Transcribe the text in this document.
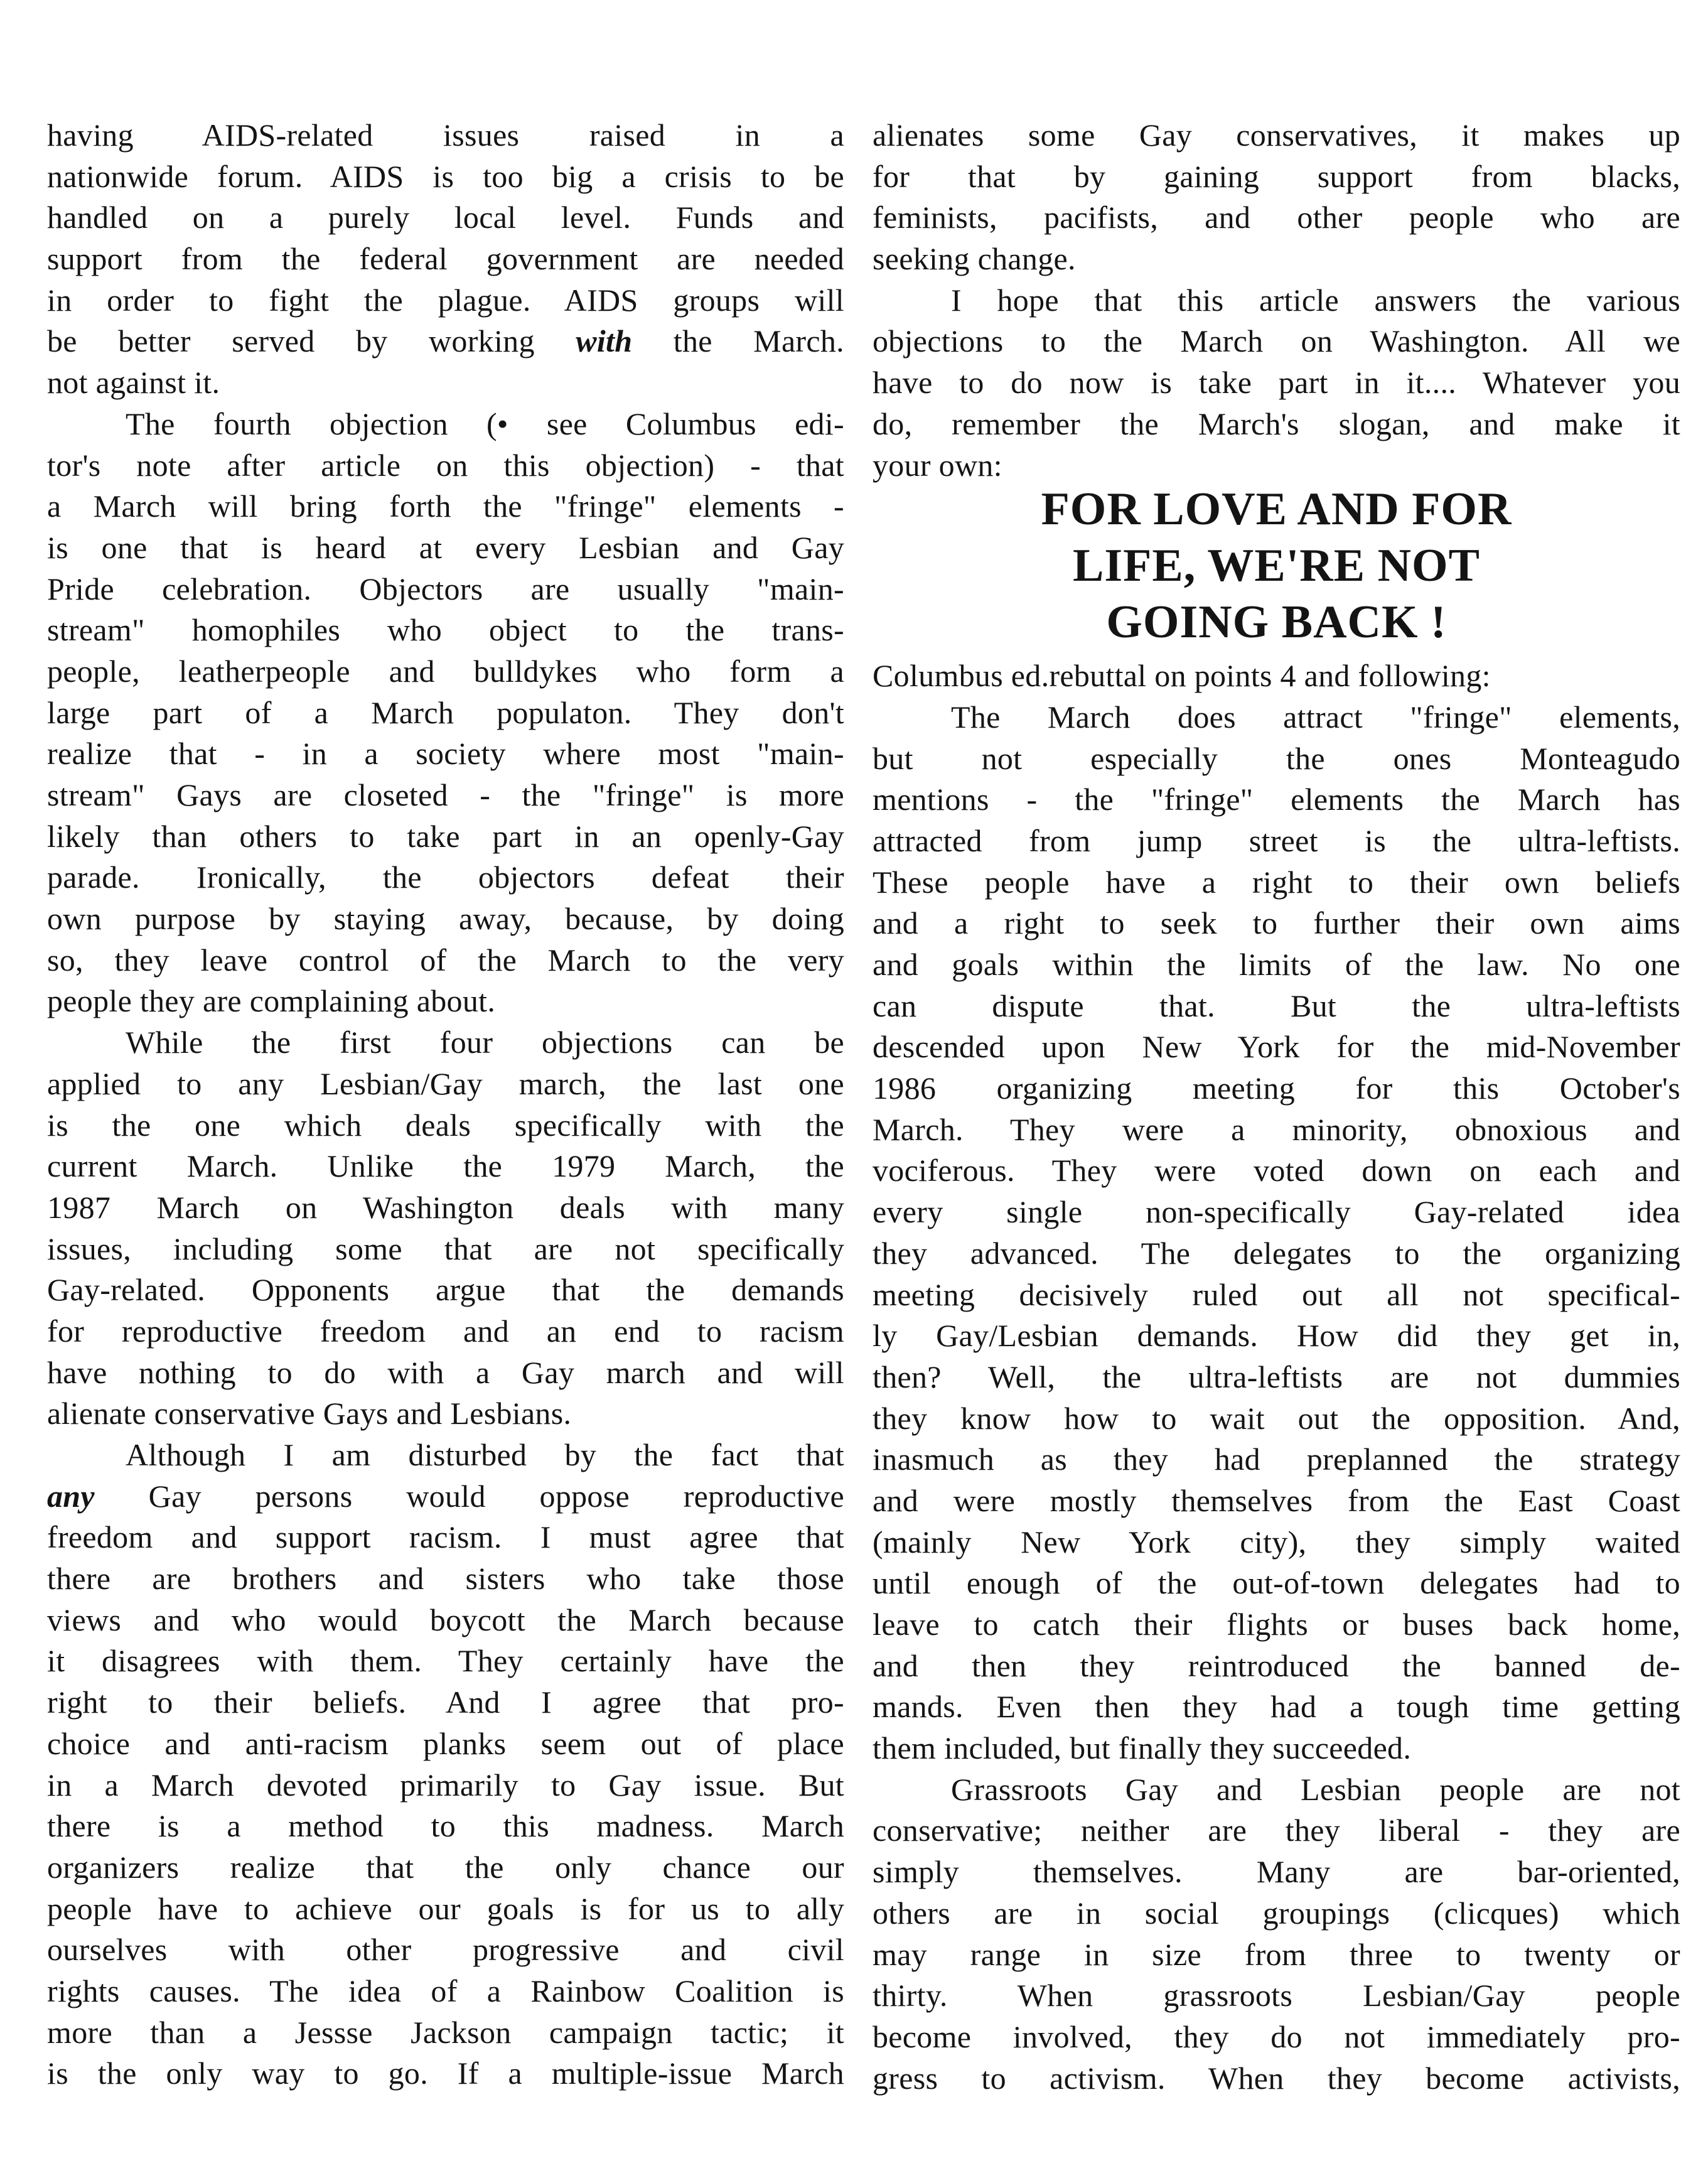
having AIDS-related issues raised in a
nationwide forum. AIDS is too big a crisis to be
handled on a purely local level. Funds and
support from the federal government are needed
in order to fight the plague. AIDS groups will
be better served by working with the March.
not against it.
The fourth objection (• see Columbus edi-
tor's note after article on this objection) - that
a March will bring forth the "fringe" elements -
is one that is heard at every Lesbian and Gay
Pride celebration. Objectors are usually "main-
stream" homophiles who object to the trans-
people, leatherpeople and bulldykes who form a
large part of a March populaton. They don't
realize that - in a society where most "main-
stream" Gays are closeted - the "fringe" is more
likely than others to take part in an openly-Gay
parade. Ironically, the objectors defeat their
own purpose by staying away, because, by doing
so, they leave control of the March to the very
people they are complaining about.
While the first four objections can be
applied to any Lesbian/Gay march, the last one
is the one which deals specifically with the
current March. Unlike the 1979 March, the
1987 March on Washington deals with many
issues, including some that are not specifically
Gay-related. Opponents argue that the demands
for reproductive freedom and an end to racism
have nothing to do with a Gay march and will
alienate conservative Gays and Lesbians.
Although I am disturbed by the fact that
any Gay persons would oppose reproductive
freedom and support racism. I must agree that
there are brothers and sisters who take those
views and who would boycott the March because
it disagrees with them. They certainly have the
right to their beliefs. And I agree that pro-
choice and anti-racism planks seem out of place
in a March devoted primarily to Gay issue. But
there is a method to this madness. March
organizers realize that the only chance our
people have to achieve our goals is for us to ally
ourselves with other progressive and civil
rights causes. The idea of a Rainbow Coalition is
more than a Jessse Jackson campaign tactic; it
is the only way to go. If a multiple-issue March
alienates some Gay conservatives, it makes up
for that by gaining support from blacks,
feminists, pacifists, and other people who are
seeking change.
I hope that this article answers the various
objections to the March on Washington. All we
have to do now is take part in it.... Whatever you
do, remember the March's slogan, and make it
your own:
FOR LOVE AND FOR
LIFE, WE'RE NOT
GOING BACK !
Columbus ed.rebuttal on points 4 and following:
The March does attract "fringe" elements,
but not especially the ones Monteagudo
mentions - the "fringe" elements the March has
attracted from jump street is the ultra-leftists.
These people have a right to their own beliefs
and a right to seek to further their own aims
and goals within the limits of the law. No one
can dispute that. But the ultra-leftists
descended upon New York for the mid-November
1986 organizing meeting for this October's
March. They were a minority, obnoxious and
vociferous. They were voted down on each and
every single non-specifically Gay-related idea
they advanced. The delegates to the organizing
meeting decisively ruled out all not specifical-
ly Gay/Lesbian demands. How did they get in,
then? Well, the ultra-leftists are not dummies
they know how to wait out the opposition. And,
inasmuch as they had preplanned the strategy
and were mostly themselves from the East Coast
(mainly New York city), they simply waited
until enough of the out-of-town delegates had to
leave to catch their flights or buses back home,
and then they reintroduced the banned de-
mands. Even then they had a tough time getting
them included, but finally they succeeded.
Grassroots Gay and Lesbian people are not
conservative; neither are they liberal - they are
simply themselves. Many are bar-oriented,
others are in social groupings (clicques) which
may range in size from three to twenty or
thirty. When grassroots Lesbian/Gay people
become involved, they do not immediately pro-
gress to activism. When they become activists,
